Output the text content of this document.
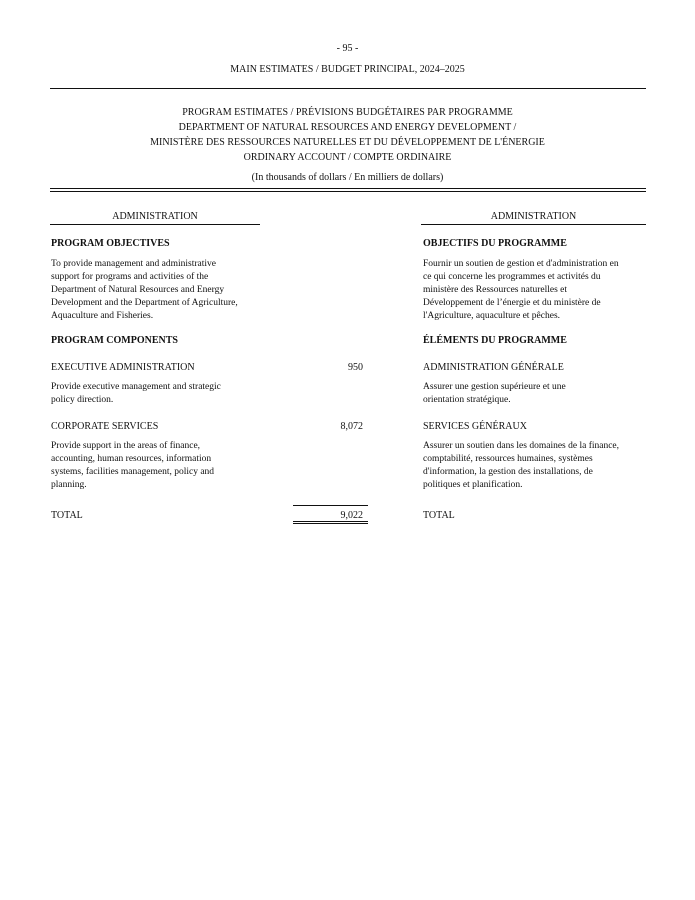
- 95 -
MAIN ESTIMATES / BUDGET PRINCIPAL, 2024–2025
PROGRAM ESTIMATES / PRÉVISIONS BUDGÉTAIRES PAR PROGRAMME
DEPARTMENT OF NATURAL RESOURCES AND ENERGY DEVELOPMENT /
MINISTÈRE DES RESSOURCES NATURELLES ET DU DÉVELOPPEMENT DE L'ÉNERGIE
ORDINARY ACCOUNT / COMPTE ORDINAIRE
(In thousands of dollars / En milliers de dollars)
ADMINISTRATION	ADMINISTRATION
PROGRAM OBJECTIVES	OBJECTIFS DU PROGRAMME
To provide management and administrative
support for programs and activities of the
Department of Natural Resources and Energy
Development and the Department of Agriculture,
Aquaculture and Fisheries.
Fournir un soutien de gestion et d'administration en
ce qui concerne les programmes et activités du
ministère des Ressources naturelles et
Développement de l’énergie et du ministère de
l'Agriculture, aquaculture et pêches.
PROGRAM COMPONENTS	ÉLÉMENTS DU PROGRAMME
EXECUTIVE ADMINISTRATION	950	ADMINISTRATION GÉNÉRALE
Provide executive management and strategic
policy direction.
Assurer une gestion supérieure et une
orientation stratégique.
CORPORATE SERVICES	8,072	SERVICES GÉNÉRAUX
Provide support in the areas of finance,
accounting, human resources, information
systems, facilities management, policy and
planning.
Assurer un soutien dans les domaines de la finance,
comptabilité, ressources humaines, systèmes
d'information, la gestion des installations, de
politiques et planification.
TOTAL	9,022	TOTAL
